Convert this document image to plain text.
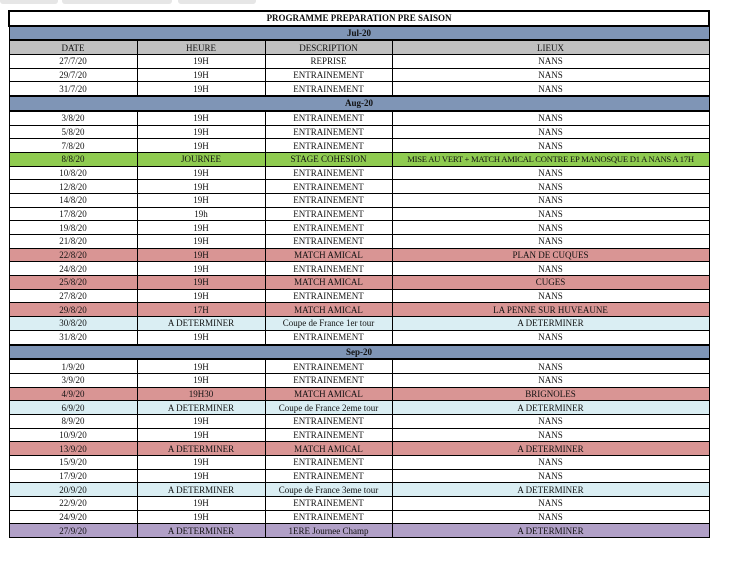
PROGRAMME PREPARATION PRE SAISON			
Jul-20			
DATE	HEURE	DESCRIPTION	LIEUX
27/7/20	19H	REPRISE	NANS
29/7/20	19H	ENTRAINEMENT	NANS
31/7/20	19H	ENTRAINEMENT	NANS
Aug-20			
3/8/20	19H	ENTRAINEMENT	NANS
5/8/20	19H	ENTRAINEMENT	NANS
7/8/20	19H	ENTRAINEMENT	NANS
8/8/20	JOURNEE	STAGE COHESION	MISE AU VERT + MATCH AMICAL CONTRE EP MANOSQUE D1 A NANS A 17H
10/8/20	19H	ENTRAINEMENT	NANS
12/8/20	19H	ENTRAINEMENT	NANS
14/8/20	19H	ENTRAINEMENT	NANS
17/8/20	19h	ENTRAINEMENT	NANS
19/8/20	19H	ENTRAINEMENT	NANS
21/8/20	19H	ENTRAINEMENT	NANS
22/8/20	19H	MATCH AMICAL	PLAN DE CUQUES
24/8/20	19H	ENTRAINEMENT	NANS
25/8/20	19H	MATCH AMICAL	CUGES
27/8/20	19H	ENTRAINEMENT	NANS
29/8/20	17H	MATCH AMICAL	LA PENNE SUR HUVEAUNE
30/8/20	A DETERMINER	Coupe de France 1er tour	A DETERMINER
31/8/20	19H	ENTRAINEMENT	NANS
Sep-20			
1/9/20	19H	ENTRAINEMENT	NANS
3/9/20	19H	ENTRAINEMENT	NANS
4/9/20	19H30	MATCH AMICAL	BRIGNOLES
6/9/20	A DETERMINER	Coupe de France 2eme tour	A DETERMINER
8/9/20	19H	ENTRAINEMENT	NANS
10/9/20	19H	ENTRAINEMENT	NANS
13/9/20	A DETERMINER	MATCH AMICAL	A DETERMINER
15/9/20	19H	ENTRAINEMENT	NANS
17/9/20	19H	ENTRAINEMENT	NANS
20/9/20	A DETERMINER	Coupe de France 3eme tour	A DETERMINER
22/9/20	19H	ENTRAINEMENT	NANS
24/9/20	19H	ENTRAINEMENT	NANS
27/9/20	A DETERMINER	1ERE Journee Champ	A DETERMINER
